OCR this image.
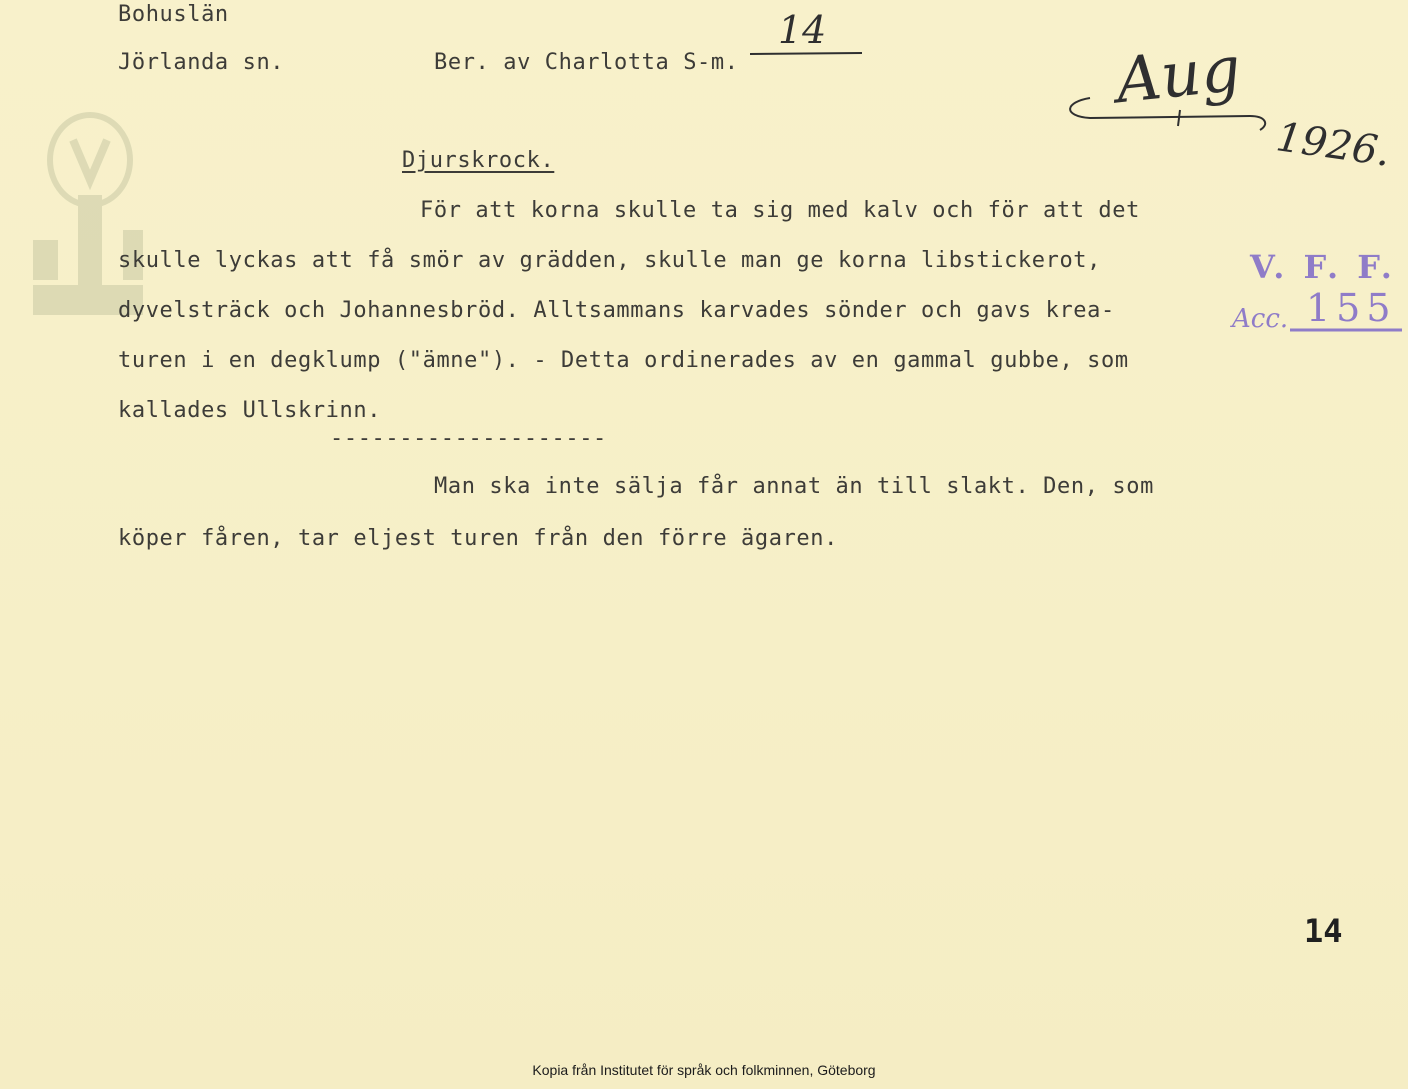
Bohuslän
Jörlanda sn.	Ber. av Charlotta S-m.
14
Aug
1926.
V. F. F.
Acc. 155
Djurskrock.
För att korna skulle ta sig med kalv och för att det
skulle lyckas att få smör av grädden, skulle man ge korna libstickerot,
dyvelsträck och Johannesbröd. Alltsammans karvades sönder och gavs krea-
turen i en degklump ("ämne"). - Detta ordinerades av en gammal gubbe, som
kallades Ullskrinn.
--------------------
Man ska inte sälja får annat än till slakt. Den, som
köper fåren, tar eljest turen från den förre ägaren.
14
Kopia från Institutet för språk och folkminnen, Göteborg
